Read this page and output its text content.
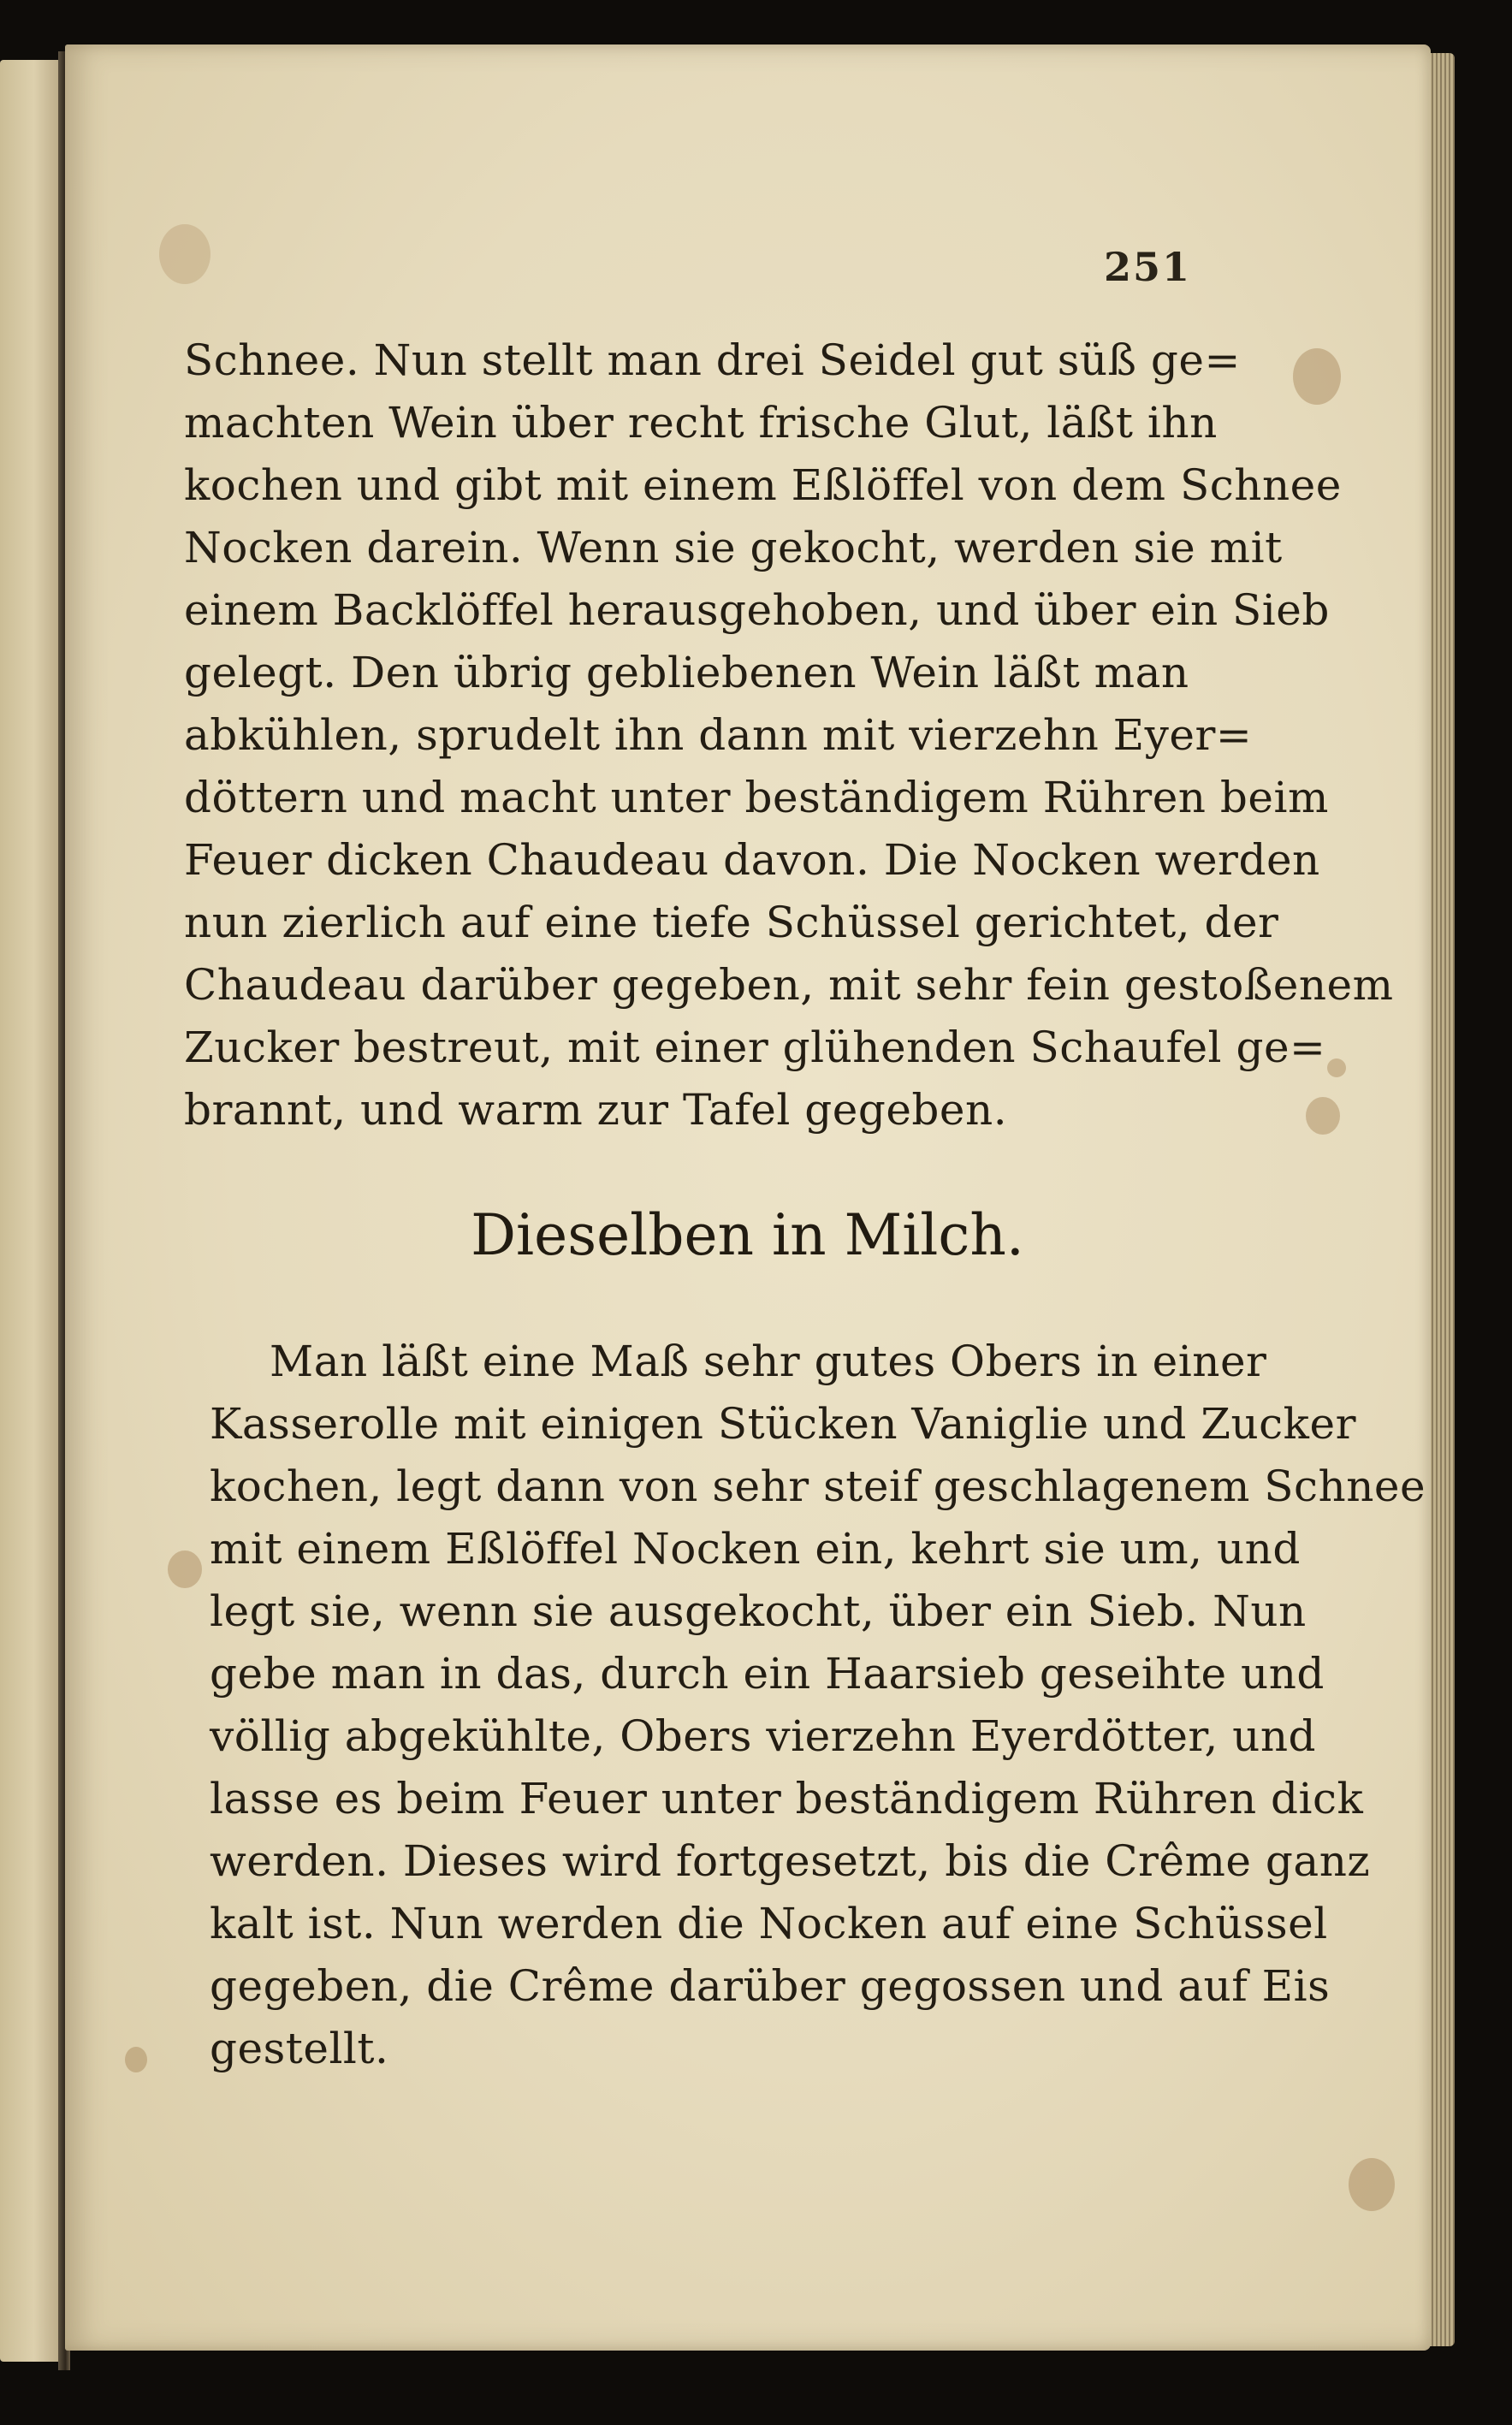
251
Schnee. Nun stellt man drei Seidel gut süß ge=
machten Wein über recht frische Glut, läßt ihn
kochen und gibt mit einem Eßlöffel von dem Schnee
Nocken darein. Wenn sie gekocht, werden sie mit
einem Backlöffel herausgehoben, und über ein Sieb
gelegt. Den übrig gebliebenen Wein läßt man
abkühlen, sprudelt ihn dann mit vierzehn Eyer=
döttern und macht unter beständigem Rühren beim
Feuer dicken Chaudeau davon. Die Nocken werden
nun zierlich auf eine tiefe Schüssel gerichtet, der
Chaudeau darüber gegeben, mit sehr fein gestoßenem
Zucker bestreut, mit einer glühenden Schaufel ge=
brannt, und warm zur Tafel gegeben.
Dieselben in Milch.
Man läßt eine Maß sehr gutes Obers in einer
Kasserolle mit einigen Stücken Vaniglie und Zucker
kochen, legt dann von sehr steif geschlagenem Schnee
mit einem Eßlöffel Nocken ein, kehrt sie um, und
legt sie, wenn sie ausgekocht, über ein Sieb. Nun
gebe man in das, durch ein Haarsieb geseihte und
völlig abgekühlte, Obers vierzehn Eyerdötter, und
lasse es beim Feuer unter beständigem Rühren dick
werden. Dieses wird fortgesetzt, bis die Crême ganz
kalt ist. Nun werden die Nocken auf eine Schüssel
gegeben, die Crême darüber gegossen und auf Eis
gestellt.
